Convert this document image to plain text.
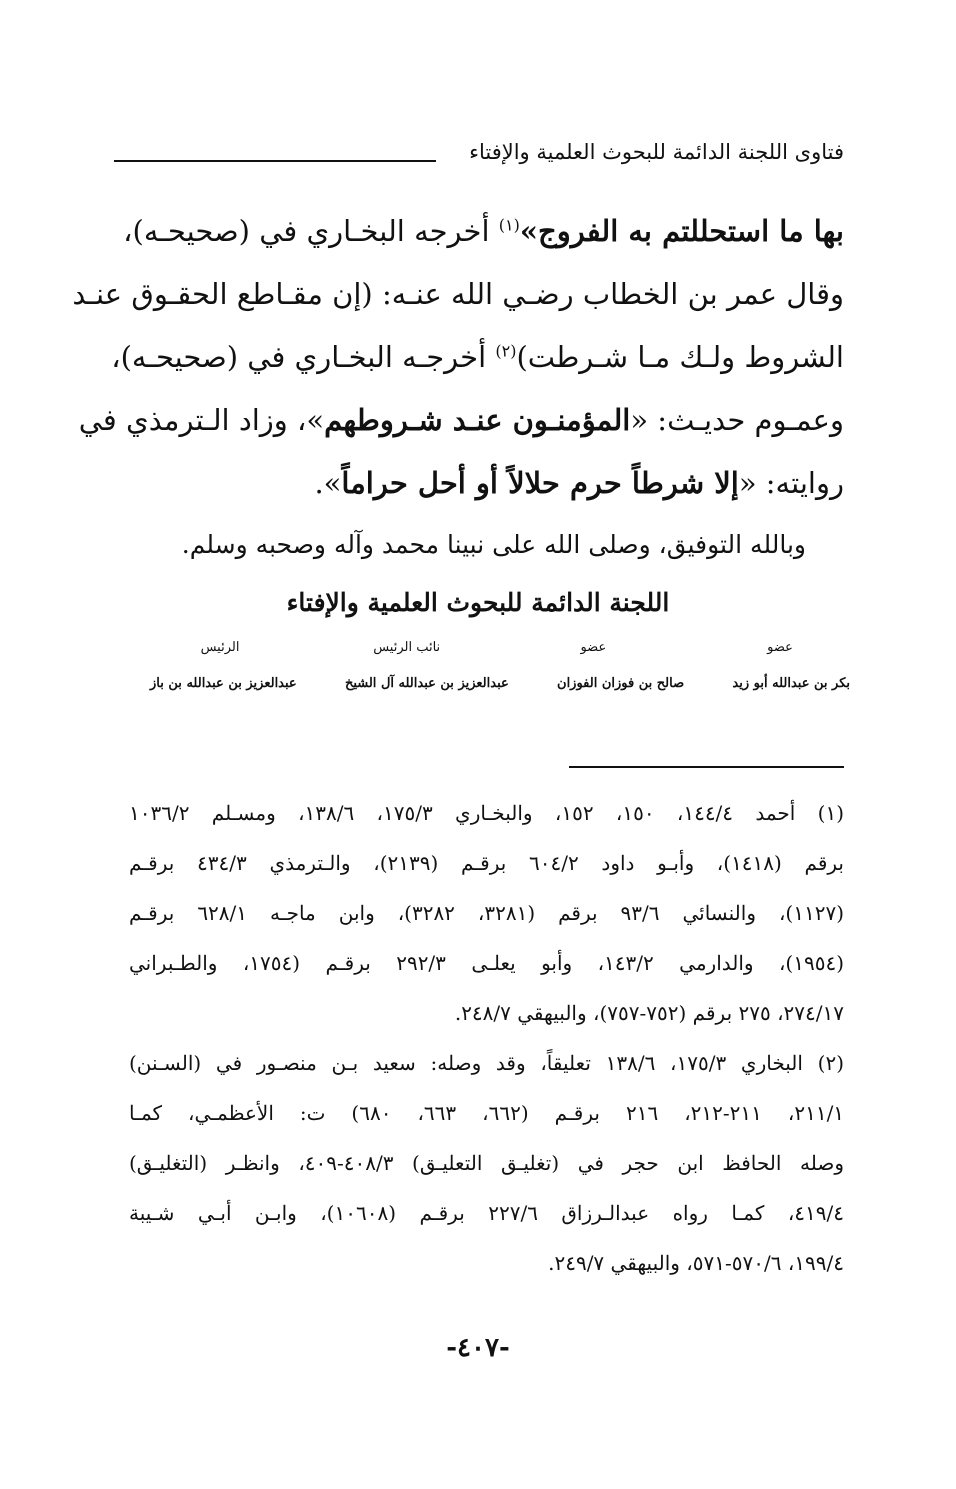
فتاوى اللجنة الدائمة للبحوث العلمية والإفتاء
بها ما استحللتم به الفروج»$^{(١)}$ أخرجه البخـاري في (صحيحـه)،
وقال عمر بن الخطاب رضـي الله عنـه: (إن مقـاطع الحقـوق عنـد
الشروط ولـك مـا شـرطت)$^{(٢)}$ أخرجـه البخـاري في (صحيحـه)،
وعمـوم حديـث: «المؤمنـون عنـد شـروطهم»، وزاد الـترمذي في
روايته: «إلا شرطاً حرم حلالاً أو أحل حراماً».
وبالله التوفيق، وصلى الله على نبينا محمد وآله وصحبه وسلم.
اللجنة الدائمة للبحوث العلمية والإفتاء
عضو
عضو
نائب الرئيس
الرئيس
بكر بن عبدالله أبو زيد
صالح بن فوزان الفوزان
عبدالعزيز بن عبدالله آل الشيخ
عبدالعزيز بن عبدالله بن باز
(١) أحمد ١٤٤/٤، ١٥٠، ١٥٢، والبخـاري ١٧٥/٣، ١٣٨/٦، ومسـلم ١٠٣٦/٢
برقم (١٤١٨)، وأبـو داود ٦٠٤/٢ برقـم (٢١٣٩)، والـترمذي ٤٣٤/٣ برقـم
(١١٢٧)، والنسائي ٩٣/٦ برقم (٣٢٨١، ٣٢٨٢)، وابن ماجـه ٦٢٨/١ برقـم
(١٩٥٤)، والدارمي ١٤٣/٢، وأبو يعلـى ٢٩٢/٣ برقـم (١٧٥٤، والطـبراني
٢٧٤/١٧، ٢٧٥ برقم (٧٥٢-٧٥٧)، والبيهقي ٢٤٨/٧.
(٢) البخاري ١٧٥/٣، ١٣٨/٦ تعليقاً، وقد وصله: سعيد بـن منصـور في (السـنن)
٢١١/١، ٢١١-٢١٢، ٢١٦ برقـم (٦٦٢، ٦٦٣، ٦٨٠) ت: الأعظمـي، كمـا
وصله الحافظ ابن حجر في (تغليـق التعليـق) ٤٠٨/٣-٤٠٩، وانظـر (التغليـق)
٤١٩/٤، كمـا رواه عبدالـرزاق ٢٢٧/٦ برقـم (١٠٦٠٨)، وابـن أبـي شـيبة
١٩٩/٤، ٥٧٠/٦-٥٧١، والبيهقي ٢٤٩/٧.
-٤٠٧-
